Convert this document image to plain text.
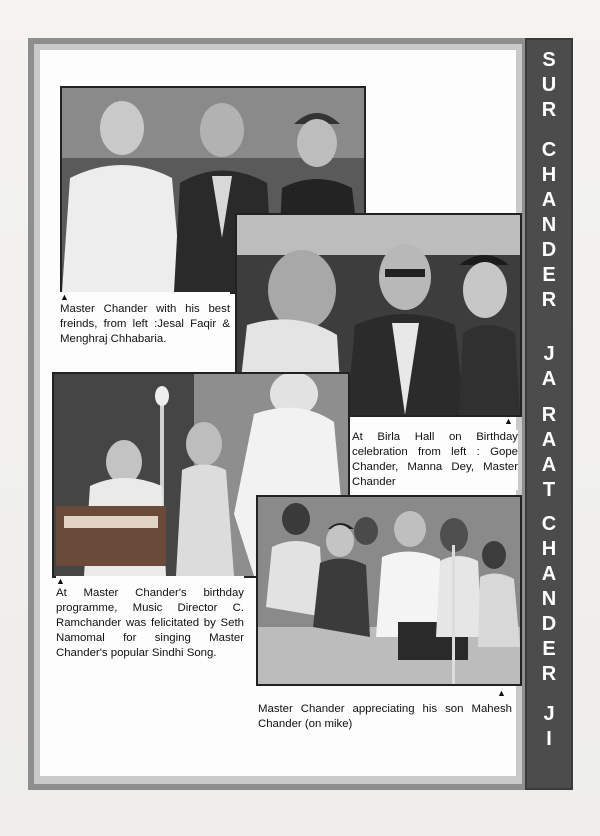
S
U
R
C
H
A
N
D
E
R
J
A
R
A
A
T
C
H
A
N
D
E
R
J
I
▲

Master Chander with his best freinds, from left :Jesal Faqir & Menghraj Chhabaria.

▲

At Birla Hall on Birthday celebration from left : Gope Chander, Manna Dey, Master Chander

▲

At Master Chander's birthday programme, Music Director C. Ramchander was felicitated by Seth Namomal for singing Master Chander's popular Sindhi Song.

▲

Master Chander appreciating his son Mahesh Chander (on mike)
